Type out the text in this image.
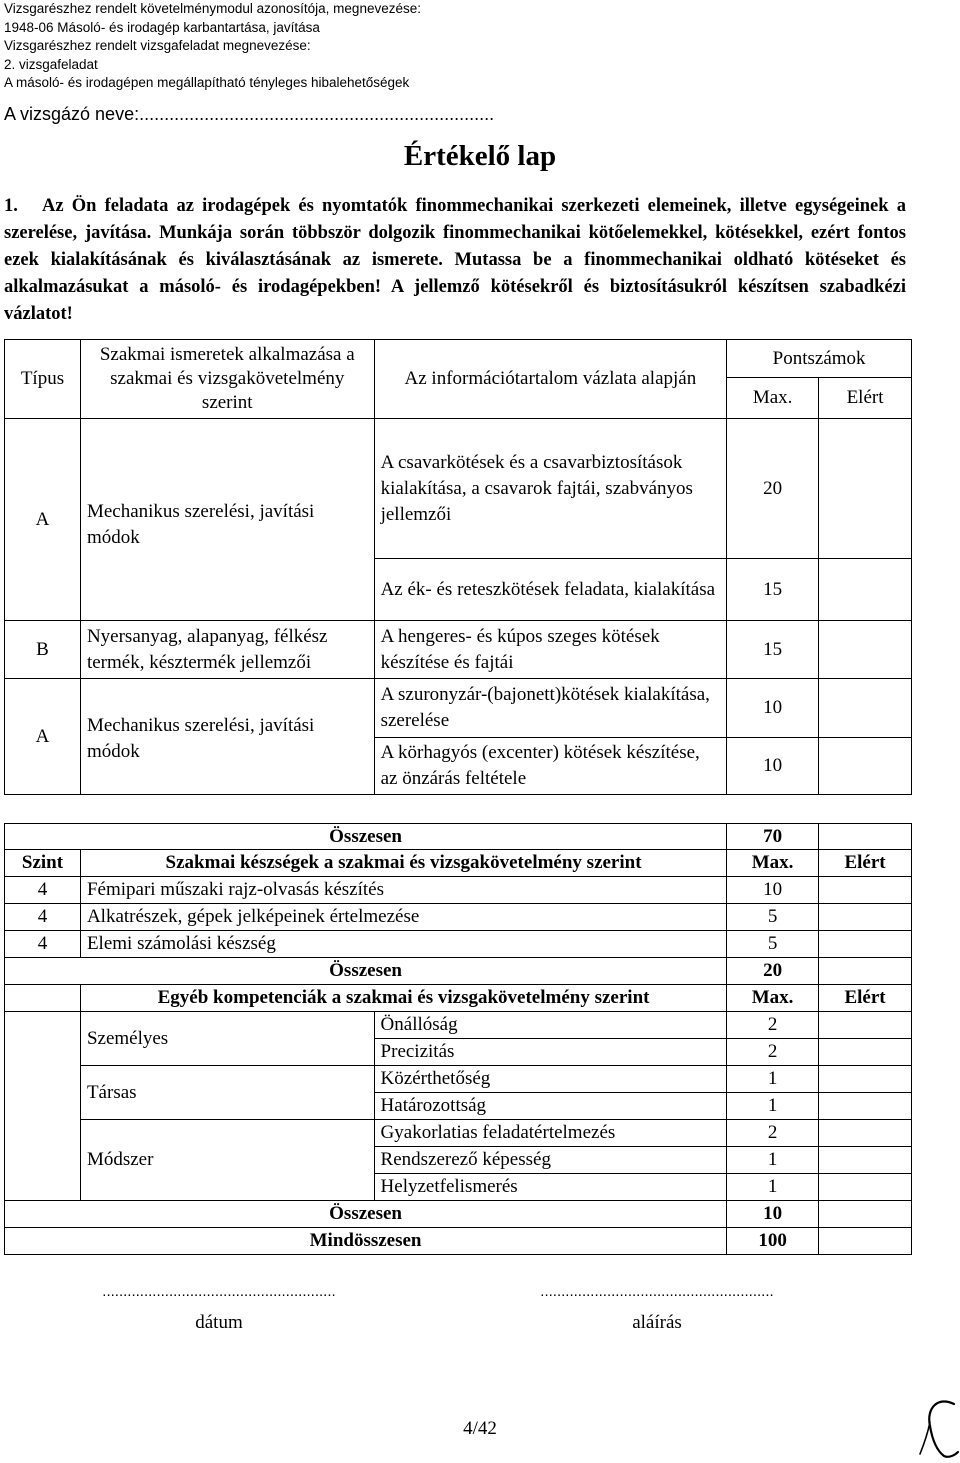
Vizsgarészhez rendelt követelménymodul azonosítója, megnevezése:
1948-06 Másoló- és irodagép karbantartása, javítása
Vizsgarészhez rendelt vizsgafeladat megnevezése:
2. vizsgafeladat
A másoló- és irodagépen megállapítható tényleges hibalehetőségek
A vizsgázó neve:.......................................................................
Értékelő lap
1. Az Ön feladata az irodagépek és nyomtatók finommechanikai szerkezeti elemeinek, illetve egységeinek a szerelése, javítása. Munkája során többször dolgozik finommechanikai kötőelemekkel, kötésekkel, ezért fontos ezek kialakításának és kiválasztásának az ismerete. Mutassa be a finommechanikai oldható kötéseket és alkalmazásukat a másoló- és irodagépekben! A jellemző kötésekről és biztosításukról készítsen szabadkézi vázlatot!
Típus	Szakmai ismeretek alkalmazása a szakmai és vizsgakövetelmény szerint	Az információtartalom vázlata alapján	Pontszámok	
			Max.	Elért
A	Mechanikus szerelési, javítási módok	A csavarkötések és a csavarbiztosítások kialakítása, a csavarok fajtái, szabványos jellemzői	20	
		Az ék- és reteszkötések feladata, kialakítása	15	
B	Nyersanyag, alapanyag, félkész termék, késztermék jellemzői	A hengeres- és kúpos szeges kötések készítése és fajtái	15	
A	Mechanikus szerelési, javítási módok	A szuronyzár-(bajonett)kötések kialakítása, szerelése	10	
		A körhagyós (excenter) kötések készítése, az önzárás feltétele	10	
Összesen			70	
Szint	Szakmai készségek a szakmai és vizsgakövetelmény szerint		Max.	Elért
4	Fémipari műszaki rajz-olvasás készítés		10	
4	Alkatrészek, gépek jelképeinek értelmezése		5	
4	Elemi számolási készség		5	
Összesen			20	
	Egyéb kompetenciák a szakmai és vizsgakövetelmény szerint		Max.	Elért
	Személyes	Önállóság	2	
		Precizitás	2	
	Társas	Közérthetőség	1	
		Határozottság	1	
	Módszer	Gyakorlatias feladatértelmezés	2	
		Rendszerező képesség	1	
		Helyzetfelismerés	1	
Összesen			10	
Mindösszesen			100	
........................................................
dátum
........................................................
aláírás
4/42
